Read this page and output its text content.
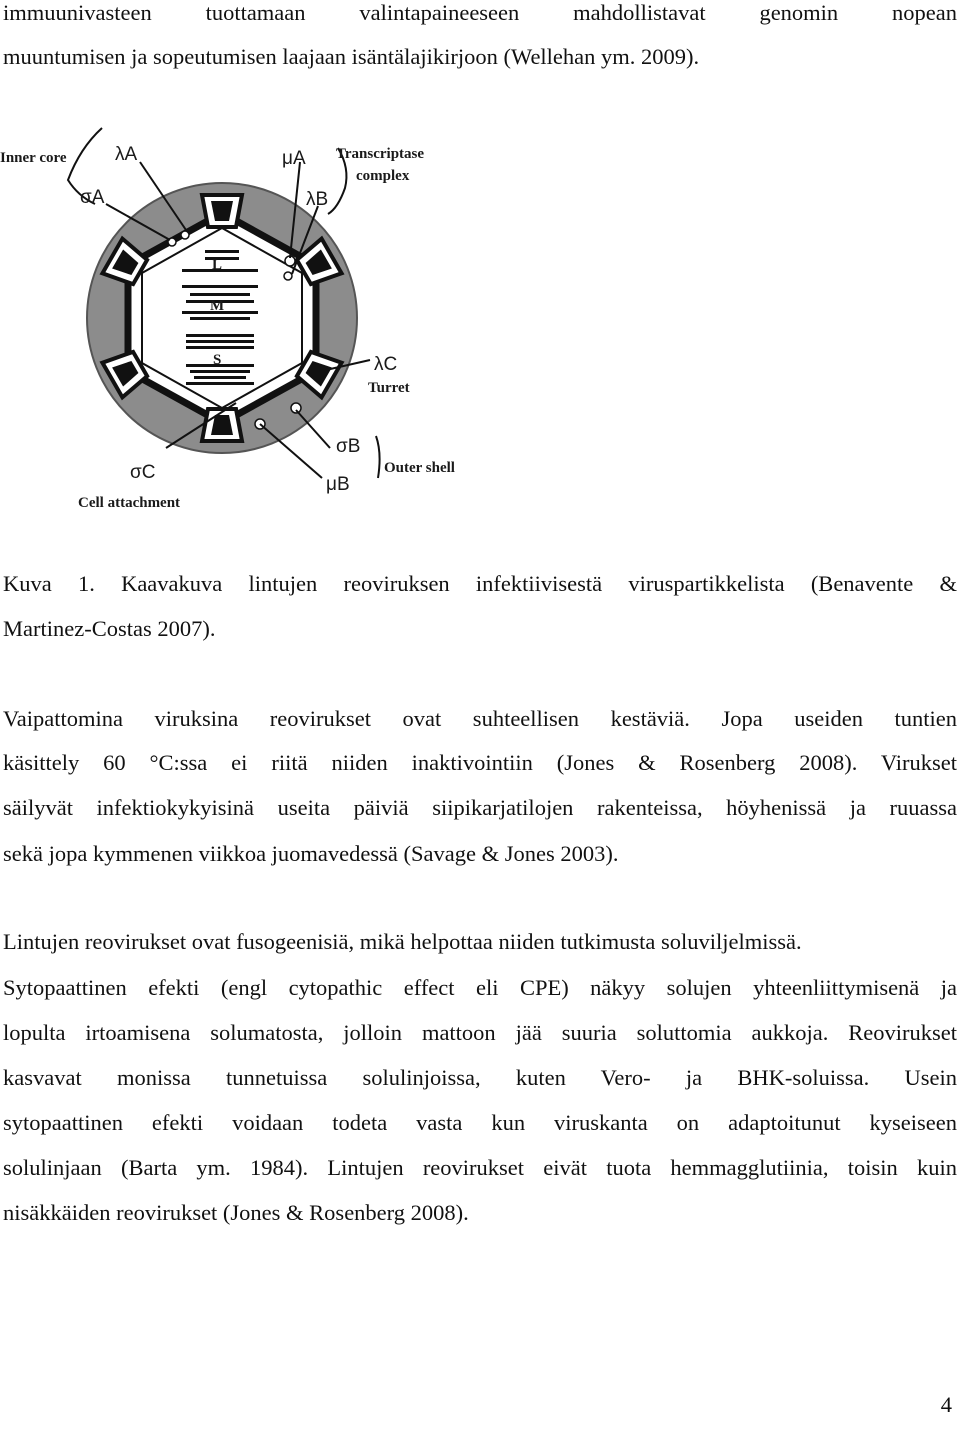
immuunivasteen tuottamaan valintapaineeseen mahdollistavat genomin nopean
muuntumisen ja sopeutumisen laajaan isäntälajikirjoon (Wellehan ym. 2009).
L
M
S
Inner core	λA	μA Transcriptase
complex
σA	λB
λC
Turret
σB
Outer shell
μB
σC
Cell attachment
Kuva 1. Kaavakuva lintujen reoviruksen infektiivisestä viruspartikkelista (Benavente &
Martinez-Costas 2007).
Vaipattomina viruksina reovirukset ovat suhteellisen kestäviä. Jopa useiden tuntien
käsittely 60 °C:ssa ei riitä niiden inaktivointiin (Jones & Rosenberg 2008). Virukset
säilyvät infektiokykyisinä useita päiviä siipikarjatilojen rakenteissa, höyhenissä ja ruuassa
sekä jopa kymmenen viikkoa juomavedessä (Savage & Jones 2003).
Lintujen reovirukset ovat fusogeenisiä, mikä helpottaa niiden tutkimusta soluviljelmissä.
Sytopaattinen efekti (engl cytopathic effect eli CPE) näkyy solujen yhteenliittymisenä ja
lopulta irtoamisena solumatosta, jolloin mattoon jää suuria soluttomia aukkoja. Reovirukset
kasvavat monissa tunnetuissa solulinjoissa, kuten Vero- ja BHK-soluissa. Usein
sytopaattinen efekti voidaan todeta vasta kun viruskanta on adaptoitunut kyseiseen
solulinjaan (Barta ym. 1984). Lintujen reovirukset eivät tuota hemmagglutiinia, toisin kuin
nisäkkäiden reovirukset (Jones & Rosenberg 2008).
4
